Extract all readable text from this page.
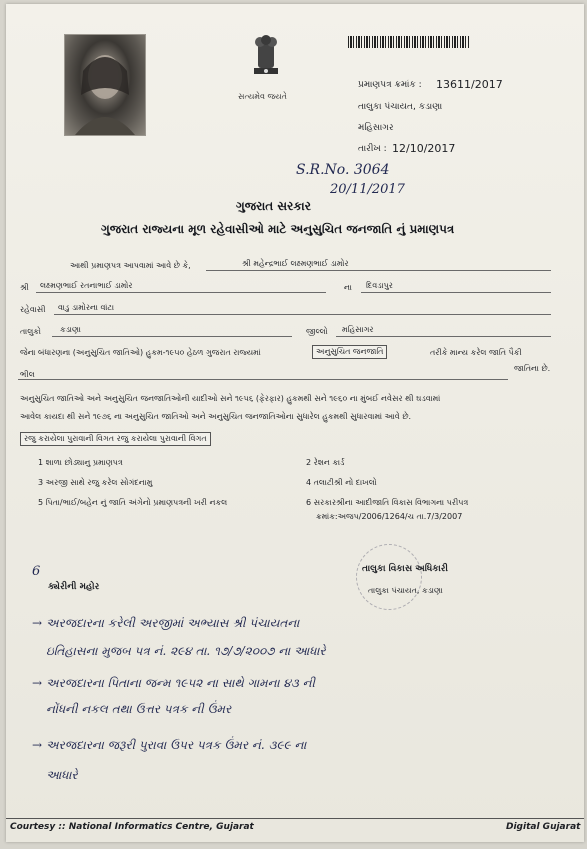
સત્યમેવ જયતે
પ્રમાણપત્ર ક્રમાંક : 13611/2017
તાલુકા પંચાયત, કડાણા
મહિસાગર
તારીખ : 12/10/2017
S.R.No. 3064
20/11/2017
ગુજરાત સરકાર
ગુજરાત રાજ્યના મૂળ રહેવાસીઓ માટે અનુસુચિત જનજાતિ નું પ્રમાણપત્ર
આથી પ્રમાણપત્ર આપવામાં આવે છે કે,	શ્રી મહેન્દ્રભાઈ લક્ષ્મણભાઈ ડામોર
શ્રી લક્ષ્મણભાઈ રતનાભાઈ ડામોર	ના દિવડાપુર
રહેવાસી વાડુ ડામોરના વાંટા
તાલુકો કડાણા	જીલ્લો મહિસાગર
જેના બંધારણના (અનુસુચિત જાતિઓ) હુકમ-૧૯૫૦ હેઠળ ગુજરાત રાજ્યમાં	અનુસુચિત જનજાતિ	તરીકે માન્ય કરેલ જાતિ પૈકી
ભીલ
જાતિના છે.
અનુસુચિત જાતિઓ અને અનુસુચિત જનજાતિઓની યાદીઓ સને ૧૯૫૬ (ફેરફાર) હુકમથી સને ૧૯૬૦ ના મુંબઈ નવેસર થી ઘડવામાં
આવેલ કાયદા થી સને ૧૯૭૬ ના અનુસુચિત જાતિઓ અને અનુસુચિત જનજાતિઓના સુધારેલ હુકમથી સુધારવામાં આવે છે.
રજુ કરાયેલા પુરાવાની વિગત રજુ કરાયેલા પુરાવાની વિગત
1 શાળા છોડ્યાનુ પ્રમાણપત્ર	2 રેશન કાર્ડ
3 અરજી સાથે રજુ કરેલ સોગંદનામુ	4 તલાટીશ્રી નો દાખલો
5 પિતા/ભાઈ/બહેન નું જાતિ અંગેનો પ્રમાણપત્રની ખરી નકલ	6 સરકારશ્રીના આદીજાતિ વિકાસ વિભાગના પરીપત્ર
ક્રમાંક:અજપ/2006/1264/ચ તા.7/3/2007
6
ક્યેરીની મહોર
તાલુકા વિકાસ અધિકારી
તાલુકા પંચાયત, કડાણા
→ અરજદારના કરેલી અરજીમાં અભ્યાસ શ્રી પંચાયતના
ઇતિહાસના મુજબ પત્ર નં. ૨૯૪ તા. ૧૭/૭/૨૦૦૭ ના આધારે
→ અરજદારના પિતાના જન્મ ૧૯૫૨ ના સાથે ગામના ૪૩ ની
નોંધની નકલ તથા ઉત્તર પત્રક ની ઉંમર
→ અરજદારના જરૂરી પુરાવા ઉપર પત્રક ઉંમર નં. ૩૯૯ ના
આધારે
Courtesy :: National Informatics Centre, Gujarat	Digital Gujarat
